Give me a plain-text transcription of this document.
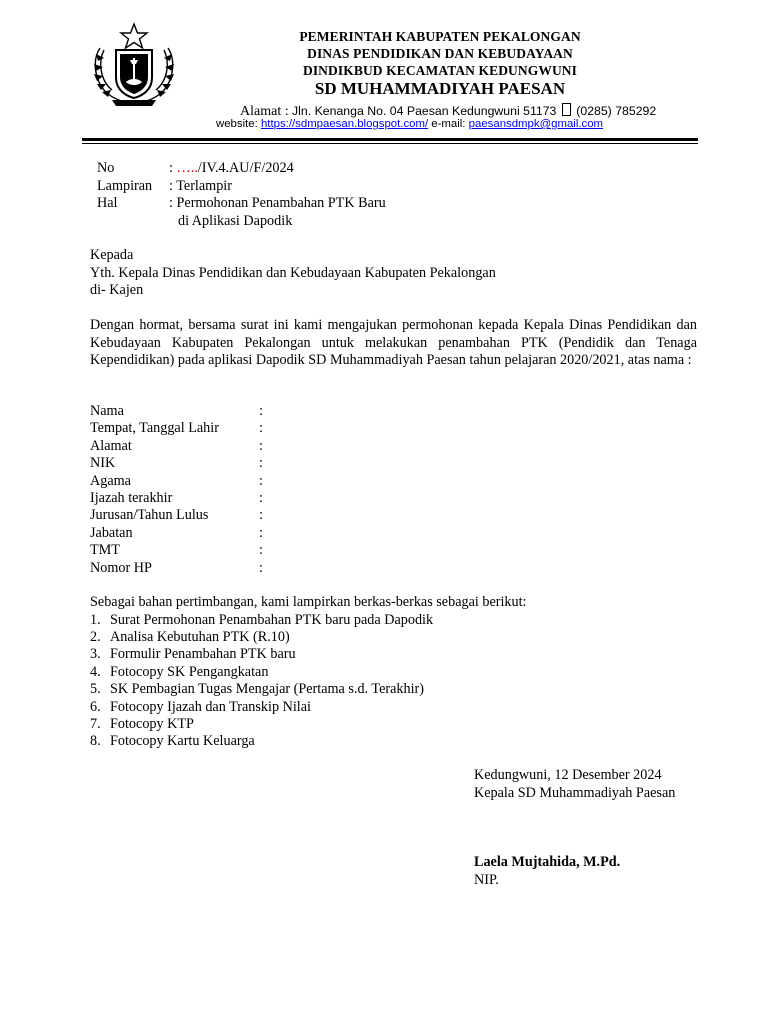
PEMERINTAH KABUPATEN PEKALONGAN
DINAS PENDIDIKAN DAN KEBUDAYAAN
DINDIKBUD KECAMATAN KEDUNGWUNI
SD MUHAMMADIYAH PAESAN
Alamat : Jln. Kenanga No. 04 Paesan Kedungwuni 51173 (0285) 785292
website: https://sdmpaesan.blogspot.com/ e-mail: paesansdmpk@gmail.com
No	: …../IV.4.AU/F/2024
Lampiran : Terlampir
Hal	: Permohonan Penambahan PTK Baru
di Aplikasi Dapodik
Kepada
Yth. Kepala Dinas Pendidikan dan Kebudayaan Kabupaten Pekalongan
di- Kajen
Dengan hormat, bersama surat ini kami mengajukan permohonan kepada Kepala Dinas Pendidikan dan Kebudayaan Kabupaten Pekalongan untuk melakukan penambahan PTK (Pendidik dan Tenaga Kependidikan) pada aplikasi Dapodik SD Muhammadiyah Paesan tahun pelajaran 2020/2021, atas nama :
Nama	:
Tempat, Tanggal Lahir	:
Alamat	:
NIK	:
Agama	:
Ijazah terakhir	:
Jurusan/Tahun Lulus	:
Jabatan	:
TMT	:
Nomor HP	:
Sebagai bahan pertimbangan, kami lampirkan berkas-berkas sebagai berikut:
1. Surat Permohonan Penambahan PTK baru pada Dapodik
2. Analisa Kebutuhan PTK (R.10)
3. Formulir Penambahan PTK baru
4. Fotocopy SK Pengangkatan
5. SK Pembagian Tugas Mengajar (Pertama s.d. Terakhir)
6. Fotocopy Ijazah dan Transkip Nilai
7. Fotocopy KTP
8. Fotocopy Kartu Keluarga
Kedungwuni, 12 Desember 2024
Kepala SD Muhammadiyah Paesan
Laela Mujtahida, M.Pd.
NIP.
